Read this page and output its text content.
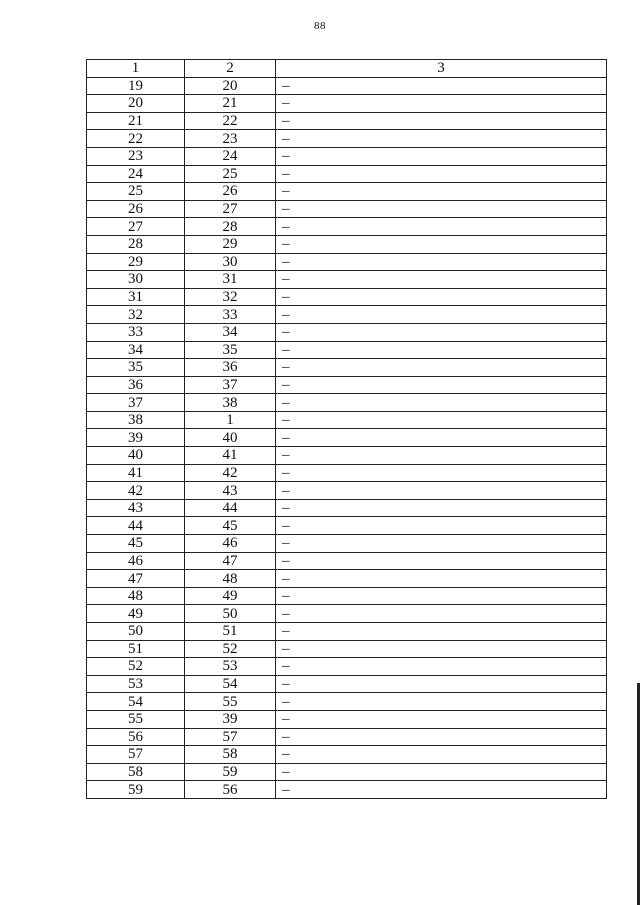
88
1	2	3
19	20	–
20	21	–
21	22	–
22	23	–
23	24	–
24	25	–
25	26	–
26	27	–
27	28	–
28	29	–
29	30	–
30	31	–
31	32	–
32	33	–
33	34	–
34	35	–
35	36	–
36	37	–
37	38	–
38	1	–
39	40	–
40	41	–
41	42	–
42	43	–
43	44	–
44	45	–
45	46	–
46	47	–
47	48	–
48	49	–
49	50	–
50	51	–
51	52	–
52	53	–
53	54	–
54	55	–
55	39	–
56	57	–
57	58	–
58	59	–
59	56	–
